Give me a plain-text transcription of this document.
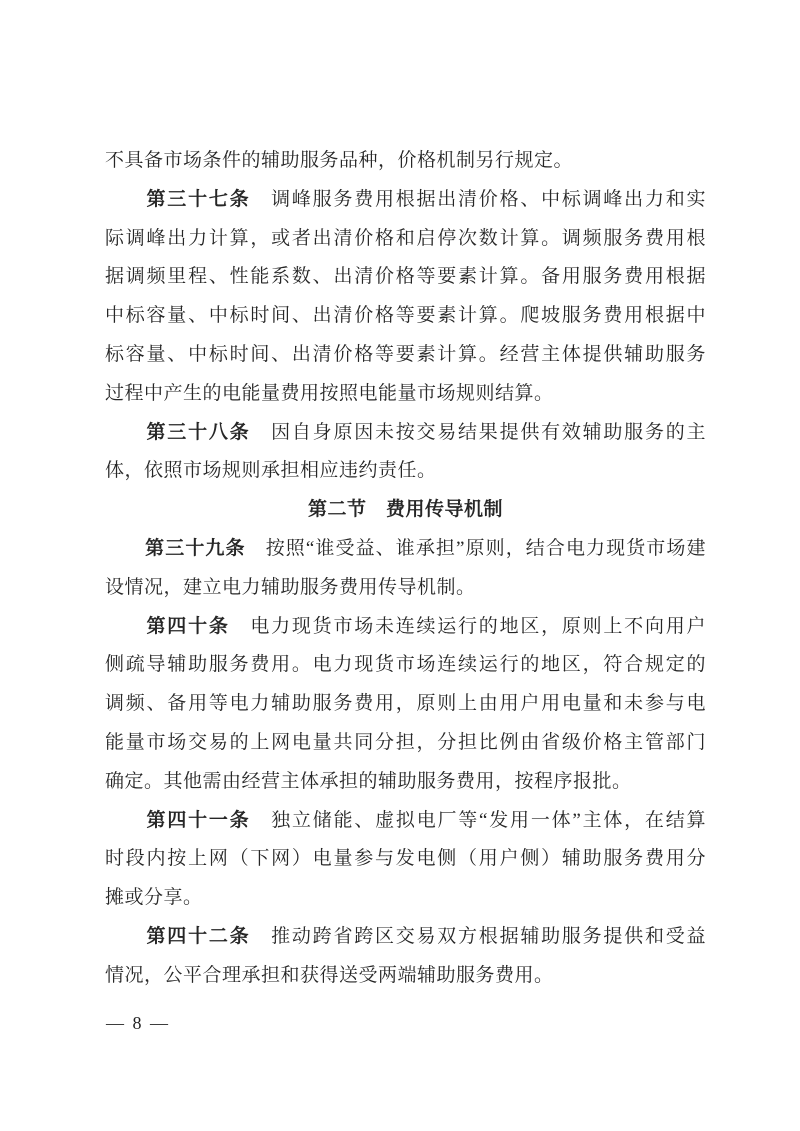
不具备市场条件的辅助服务品种，价格机制另行规定。
　　第三十七条　调峰服务费用根据出清价格、中标调峰出力和实
际调峰出力计算，或者出清价格和启停次数计算。调频服务费用根
据调频里程、性能系数、出清价格等要素计算。备用服务费用根据
中标容量、中标时间、出清价格等要素计算。爬坡服务费用根据中
标容量、中标时间、出清价格等要素计算。经营主体提供辅助服务
过程中产生的电能量费用按照电能量市场规则结算。
　　第三十八条　因自身原因未按交易结果提供有效辅助服务的主
体，依照市场规则承担相应违约责任。
第二节　费用传导机制
　　第三十九条　按照“谁受益、谁承担”原则，结合电力现货市场建
设情况，建立电力辅助服务费用传导机制。
　　第四十条　电力现货市场未连续运行的地区，原则上不向用户
侧疏导辅助服务费用。电力现货市场连续运行的地区，符合规定的
调频、备用等电力辅助服务费用，原则上由用户用电量和未参与电
能量市场交易的上网电量共同分担，分担比例由省级价格主管部门
确定。其他需由经营主体承担的辅助服务费用，按程序报批。
　　第四十一条　独立储能、虚拟电厂等“发用一体”主体，在结算
时段内按上网（下网）电量参与发电侧（用户侧）辅助服务费用分
摊或分享。
　　第四十二条　推动跨省跨区交易双方根据辅助服务提供和受益
情况，公平合理承担和获得送受两端辅助服务费用。
— 8 —
